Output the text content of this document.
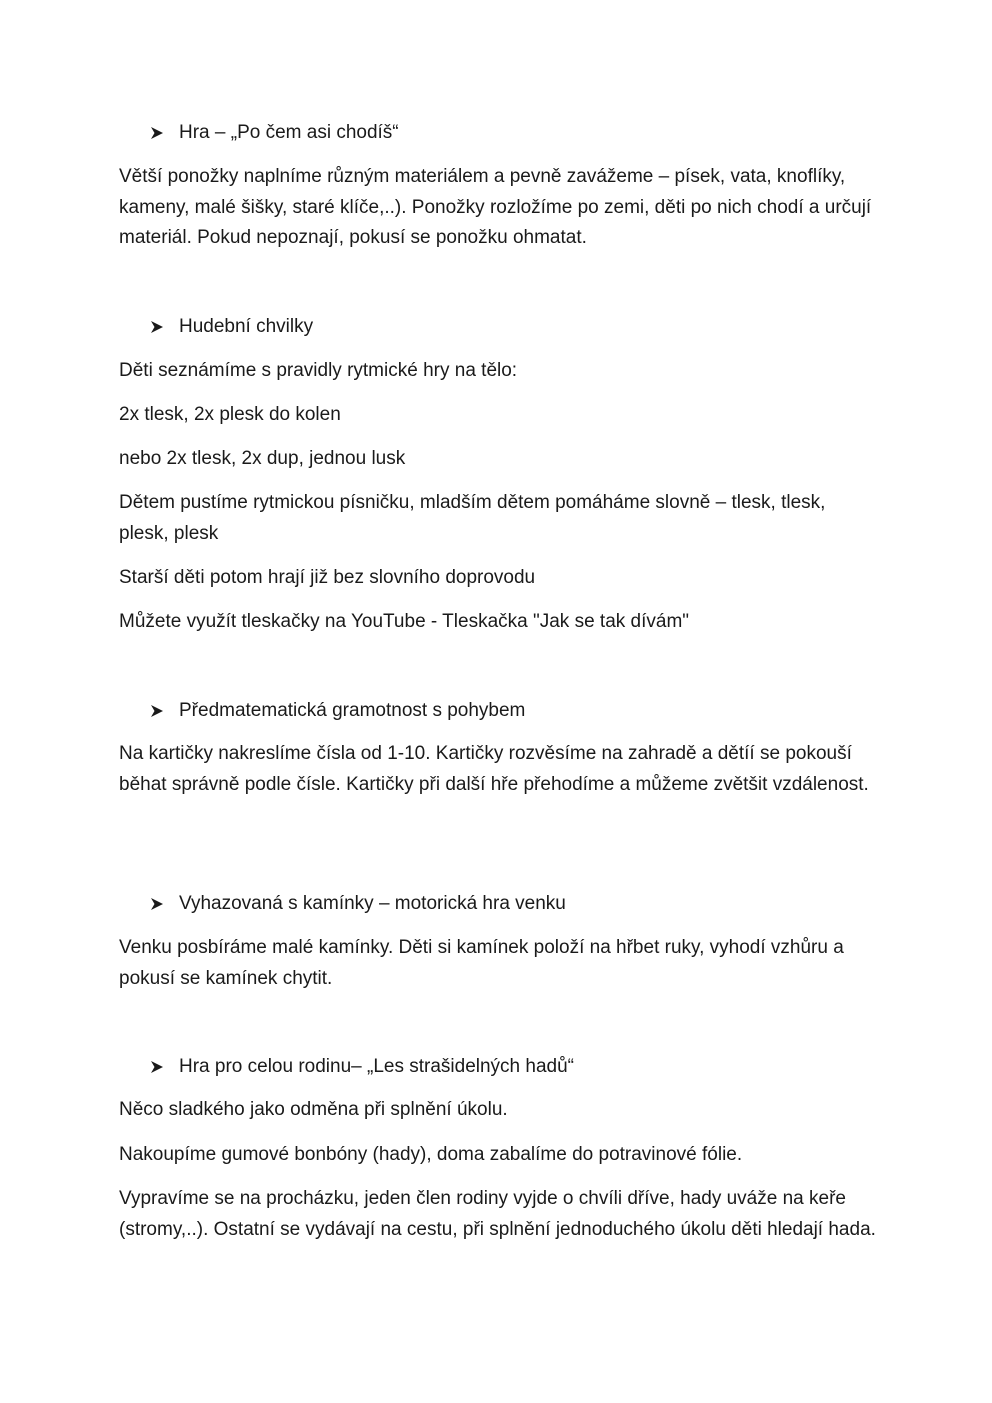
Hra – „Po čem asi chodíš“

Větší ponožky naplníme různým materiálem a pevně zavážeme – písek, vata, knoflíky, kameny, malé šišky, staré klíče,..). Ponožky rozložíme po zemi, děti po nich chodí a určují materiál. Pokud nepoznají, pokusí se ponožku ohmatat.

Hudební chvilky

Děti seznámíme s pravidly rytmické hry na tělo:

2x tlesk, 2x plesk do kolen

nebo 2x tlesk, 2x dup, jednou lusk

Dětem pustíme rytmickou písničku, mladším dětem pomáháme slovně – tlesk, tlesk, plesk, plesk

Starší děti potom hrají již bez slovního doprovodu

Můžete využít tleskačky na YouTube - Tleskačka "Jak se tak dívám"

Předmatematická gramotnost s pohybem

Na kartičky nakreslíme čísla od 1-10. Kartičky rozvěsíme na zahradě a dětíí se pokouší běhat správně podle čísle. Kartičky při další hře přehodíme a můžeme zvětšit vzdálenost.

Vyhazovaná s kamínky – motorická hra venku

Venku posbíráme malé kamínky. Děti si kamínek položí na hřbet ruky, vyhodí vzhůru a pokusí se kamínek chytit.

Hra pro celou rodinu– „Les strašidelných hadů“

Něco sladkého jako odměna při splnění úkolu.

Nakoupíme gumové bonbóny (hady), doma zabalíme do potravinové fólie.

Vypravíme se na procházku, jeden člen rodiny vyjde o chvíli dříve, hady uváže na keře (stromy,..). Ostatní se vydávají na cestu, při splnění jednoduchého úkolu děti hledají hada.
